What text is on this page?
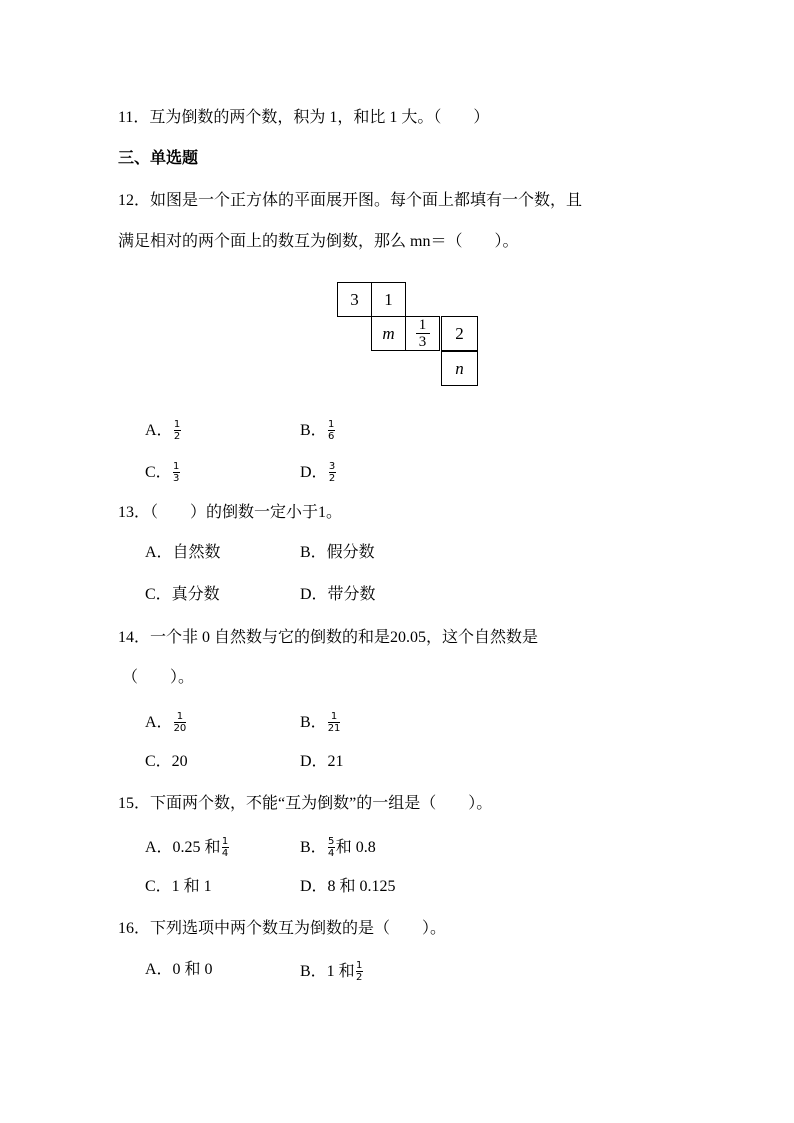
11．互为倒数的两个数，积为 1，和比 1 大。（　　）
三、单选题
12．如图是一个正方体的平面展开图。每个面上都填有一个数，且
满足相对的两个面上的数互为倒数，那么 mn＝（　　）。
3	1
m	$\frac{1}{3}$	2
n
A． $\frac{1}{2}$	B． $\frac{1}{6}$
C． $\frac{1}{3}$	D． $\frac{3}{2}$
13．（　　）的倒数一定小于1。
A．自然数	B．假分数
C．真分数	D．带分数
14．一个非 0 自然数与它的倒数的和是20.05，这个自然数是
（　　）。
A． $\frac{1}{20}$	B． $\frac{1}{21}$
C．20	D．21
15．下面两个数，不能“互为倒数”的一组是（　　）。
A．0.25 和 $\frac{1}{4}$	B． $\frac{5}{4}$ 和 0.8
C．1 和 1	D．8 和 0.125
16．下列选项中两个数互为倒数的是（　　）。
A．0 和 0	B．1 和 $\frac{1}{2}$
